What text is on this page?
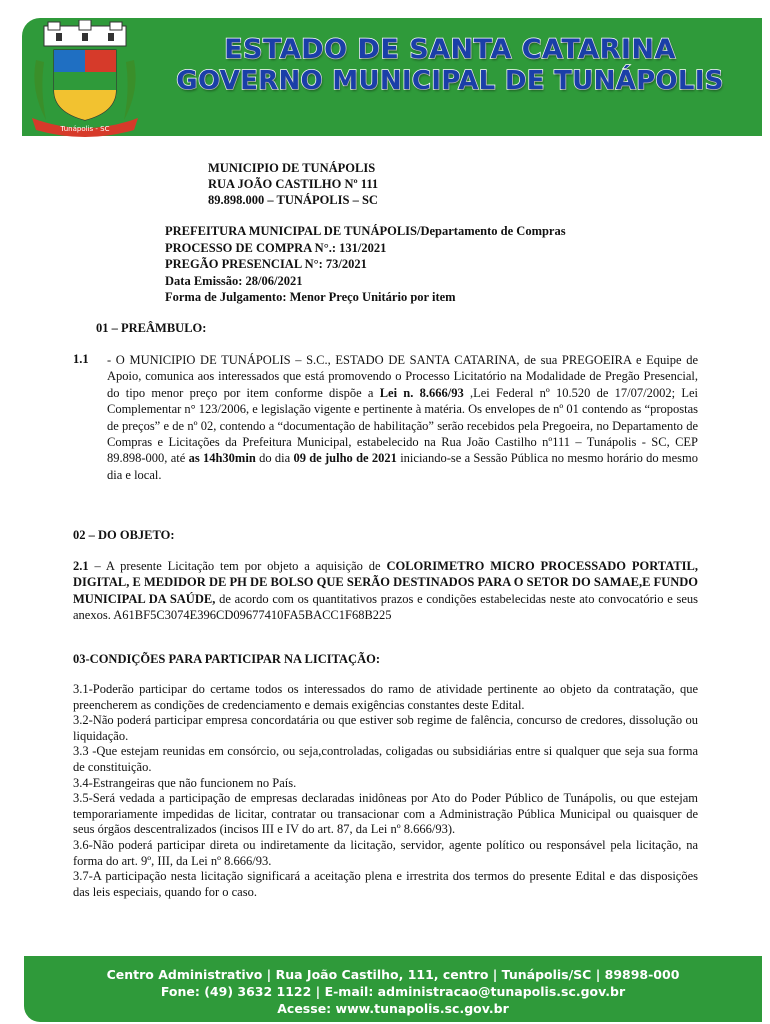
Tunápolis - SC
ESTADO DE SANTA CATARINA
GOVERNO MUNICIPAL DE TUNÁPOLIS
MUNICIPIO DE TUNÁPOLIS
RUA JOÃO CASTILHO Nº 111
89.898.000 – TUNÁPOLIS – SC
PREFEITURA MUNICIPAL DE TUNÁPOLIS/Departamento de Compras
PROCESSO DE COMPRA N°.: 131/2021
PREGÃO PRESENCIAL N°: 73/2021
Data Emissão: 28/06/2021
Forma de Julgamento: Menor Preço Unitário por item
01 – PREÂMBULO:
1.1 - O MUNICIPIO DE TUNÁPOLIS – S.C., ESTADO DE SANTA CATARINA, de sua PREGOEIRA e Equipe de Apoio, comunica aos interessados que está promovendo o Processo Licitatório na Modalidade de Pregão Presencial, do tipo menor preço por item conforme dispõe a Lei n. 8.666/93 ,Lei Federal nº 10.520 de 17/07/2002; Lei Complementar n° 123/2006, e legislação vigente e pertinente à matéria. Os envelopes de nº 01 contendo as “propostas de preços” e de nº 02, contendo a “documentação de habilitação” serão recebidos pela Pregoeira, no Departamento de Compras e Licitações da Prefeitura Municipal, estabelecido na Rua João Castilho nº111 – Tunápolis - SC, CEP 89.898-000, até as 14h30min do dia 09 de julho de 2021 iniciando-se a Sessão Pública no mesmo horário do mesmo dia e local.
02 – DO OBJETO:
2.1 – A presente Licitação tem por objeto a aquisição de COLORIMETRO MICRO PROCESSADO PORTATIL, DIGITAL, E MEDIDOR DE PH DE BOLSO QUE SERÃO DESTINADOS PARA O SETOR DO SAMAE,E FUNDO MUNICIPAL DA SAÚDE, de acordo com os quantitativos prazos e condições estabelecidas neste ato convocatório e seus anexos. A61BF5C3074E396CD09677410FA5BACC1F68B225
03-CONDIÇÕES PARA PARTICIPAR NA LICITAÇÃO:
3.1-Poderão participar do certame todos os interessados do ramo de atividade pertinente ao objeto da contratação, que preencherem as condições de credenciamento e demais exigências constantes deste Edital.
3.2-Não poderá participar empresa concordatária ou que estiver sob regime de falência, concurso de credores, dissolução ou liquidação.
3.3 -Que estejam reunidas em consórcio, ou seja,controladas, coligadas ou subsidiárias entre si qualquer que seja sua forma de constituição.
3.4-Estrangeiras que não funcionem no País.
3.5-Será vedada a participação de empresas declaradas inidôneas por Ato do Poder Público de Tunápolis, ou que estejam temporariamente impedidas de licitar, contratar ou transacionar com a Administração Pública Municipal ou quaisquer de seus órgãos descentralizados (incisos III e IV do art. 87, da Lei nº 8.666/93).
3.6-Não poderá participar direta ou indiretamente da licitação, servidor, agente político ou responsável pela licitação, na forma do art. 9º, III, da Lei nº 8.666/93.
3.7-A participação nesta licitação significará a aceitação plena e irrestrita dos termos do presente Edital e das disposições das leis especiais, quando for o caso.
Centro Administrativo | Rua João Castilho, 111, centro | Tunápolis/SC | 89898-000
Fone: (49) 3632 1122 | E-mail: administracao@tunapolis.sc.gov.br
Acesse: www.tunapolis.sc.gov.br
